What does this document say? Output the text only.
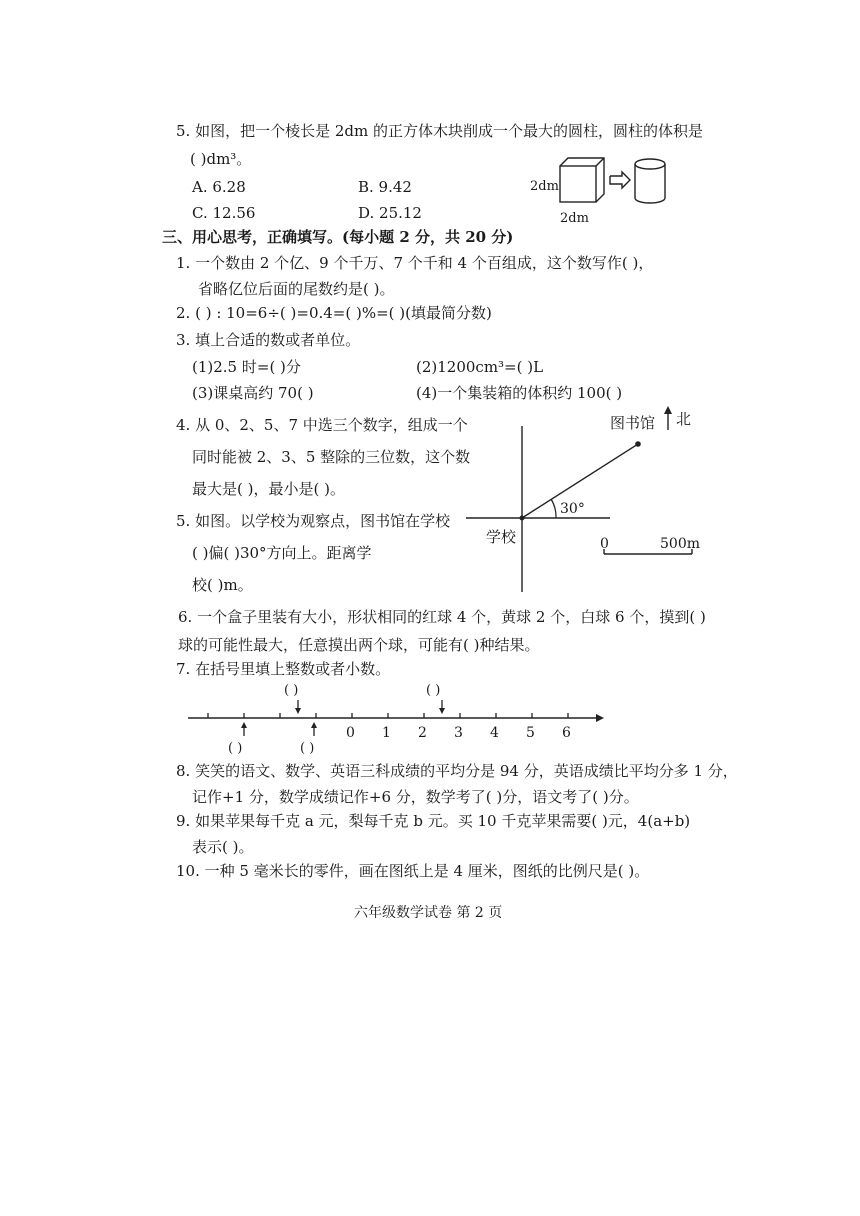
5. 如图，把一个棱长是 2dm 的正方体木块削成一个最大的圆柱，圆柱的体积是
( )dm³。
A. 6.28	B. 9.42
C. 12.56	D. 25.12
2dm
2dm
三、用心思考，正确填写。(每小题 2 分，共 20 分)
1. 一个数由 2 个亿、9 个千万、7 个千和 4 个百组成，这个数写作( )，
省略亿位后面的尾数约是( )。
2. ( ) : 10=6÷( )=0.4=( )%=( )(填最简分数)
3. 填上合适的数或者单位。
(1)2.5 时=( )分	(2)1200cm³=( )L
(3)课桌高约 70( )	(4)一个集装箱的体积约 100( )
4. 从 0、2、5、7 中选三个数字，组成一个
同时能被 2、3、5 整除的三位数，这个数
最大是( )，最小是( )。
5. 如图。以学校为观察点，图书馆在学校
( )偏( )30°方向上。距离学
校( )m。
30°
北
图书馆
学校	0	500m
6. 一个盒子里装有大小，形状相同的红球 4 个，黄球 2 个，白球 6 个，摸到( )
球的可能性最大，任意摸出两个球，可能有( )种结果。
7. 在括号里填上整数或者小数。
0 1 2 3 4 5 6
( )	( )
( )	( )
8. 笑笑的语文、数学、英语三科成绩的平均分是 94 分，英语成绩比平均分多 1 分，
记作+1 分，数学成绩记作+6 分，数学考了( )分，语文考了( )分。
9. 如果苹果每千克 a 元，梨每千克 b 元。买 10 千克苹果需要( )元，4(a+b)
表示( )。
10. 一种 5 毫米长的零件，画在图纸上是 4 厘米，图纸的比例尺是( )。
六年级数学试卷 第 2 页
